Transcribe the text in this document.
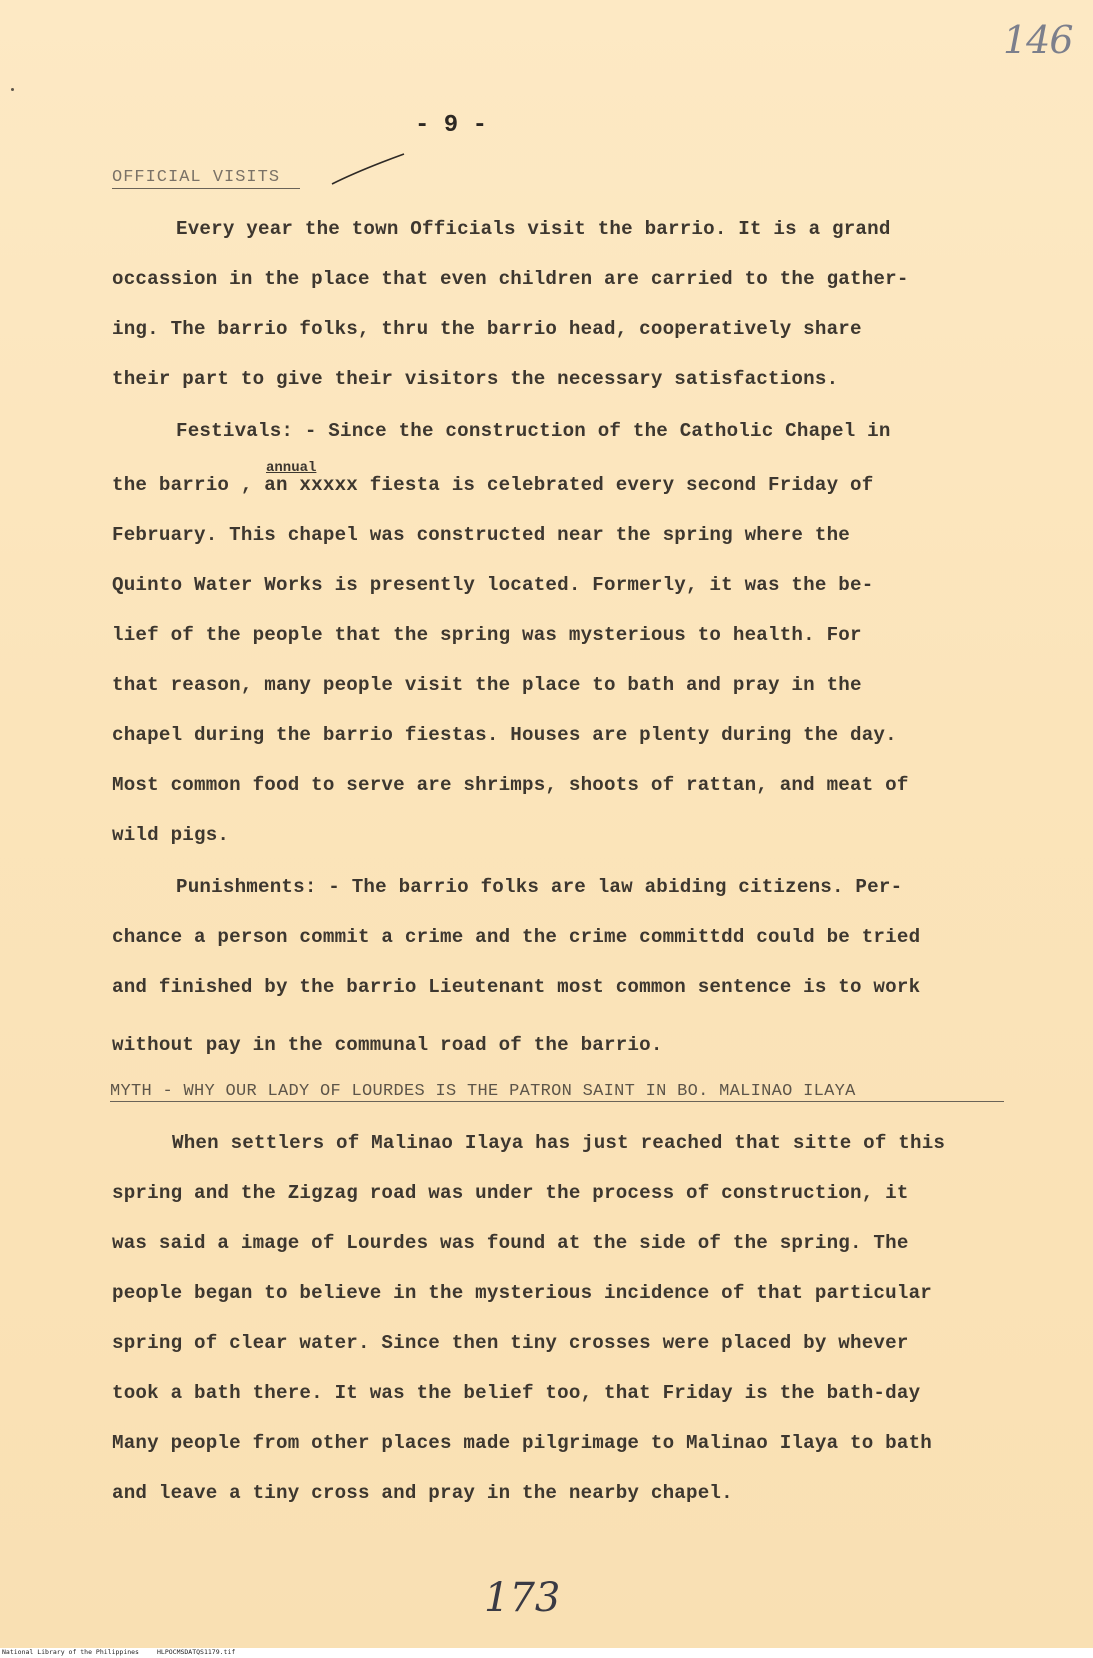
146
- 9 -
OFFICIAL VISITS
Every year the town Officials visit the barrio. It is a grand
occassion in the place that even children are carried to the gather-
ing. The barrio folks, thru the barrio head, cooperatively share
their part to give their visitors the necessary satisfactions.
Festivals: - Since the construction of the Catholic Chapel in
annual
the barrio , an xxxxx fiesta is celebrated every second Friday of
February. This chapel was constructed near the spring where the
Quinto Water Works is presently located. Formerly, it was the be-
lief of the people that the spring was mysterious to health. For
that reason, many people visit the place to bath and pray in the
chapel during the barrio fiestas. Houses are plenty during the day.
Most common food to serve are shrimps, shoots of rattan, and meat of
wild pigs.
Punishments: - The barrio folks are law abiding citizens. Per-
chance a person commit a crime and the crime committdd could be tried
and finished by the barrio Lieutenant most common sentence is to work
without pay in the communal road of the barrio.
MYTH - WHY OUR LADY OF LOURDES IS THE PATRON SAINT IN BO. MALINAO ILAYA
When settlers of Malinao Ilaya has just reached that sitte of this
spring and the Zigzag road was under the process of construction, it
was said a image of Lourdes was found at the side of the spring. The
people began to believe in the mysterious incidence of that particular
spring of clear water. Since then tiny crosses were placed by whever
took a bath there. It was the belief too, that Friday is the bath-day
Many people from other places made pilgrimage to Malinao Ilaya to bath
and leave a tiny cross and pray in the nearby chapel.
173
National Library of the Philippines	HLPOCMSDATQS1179.tif
